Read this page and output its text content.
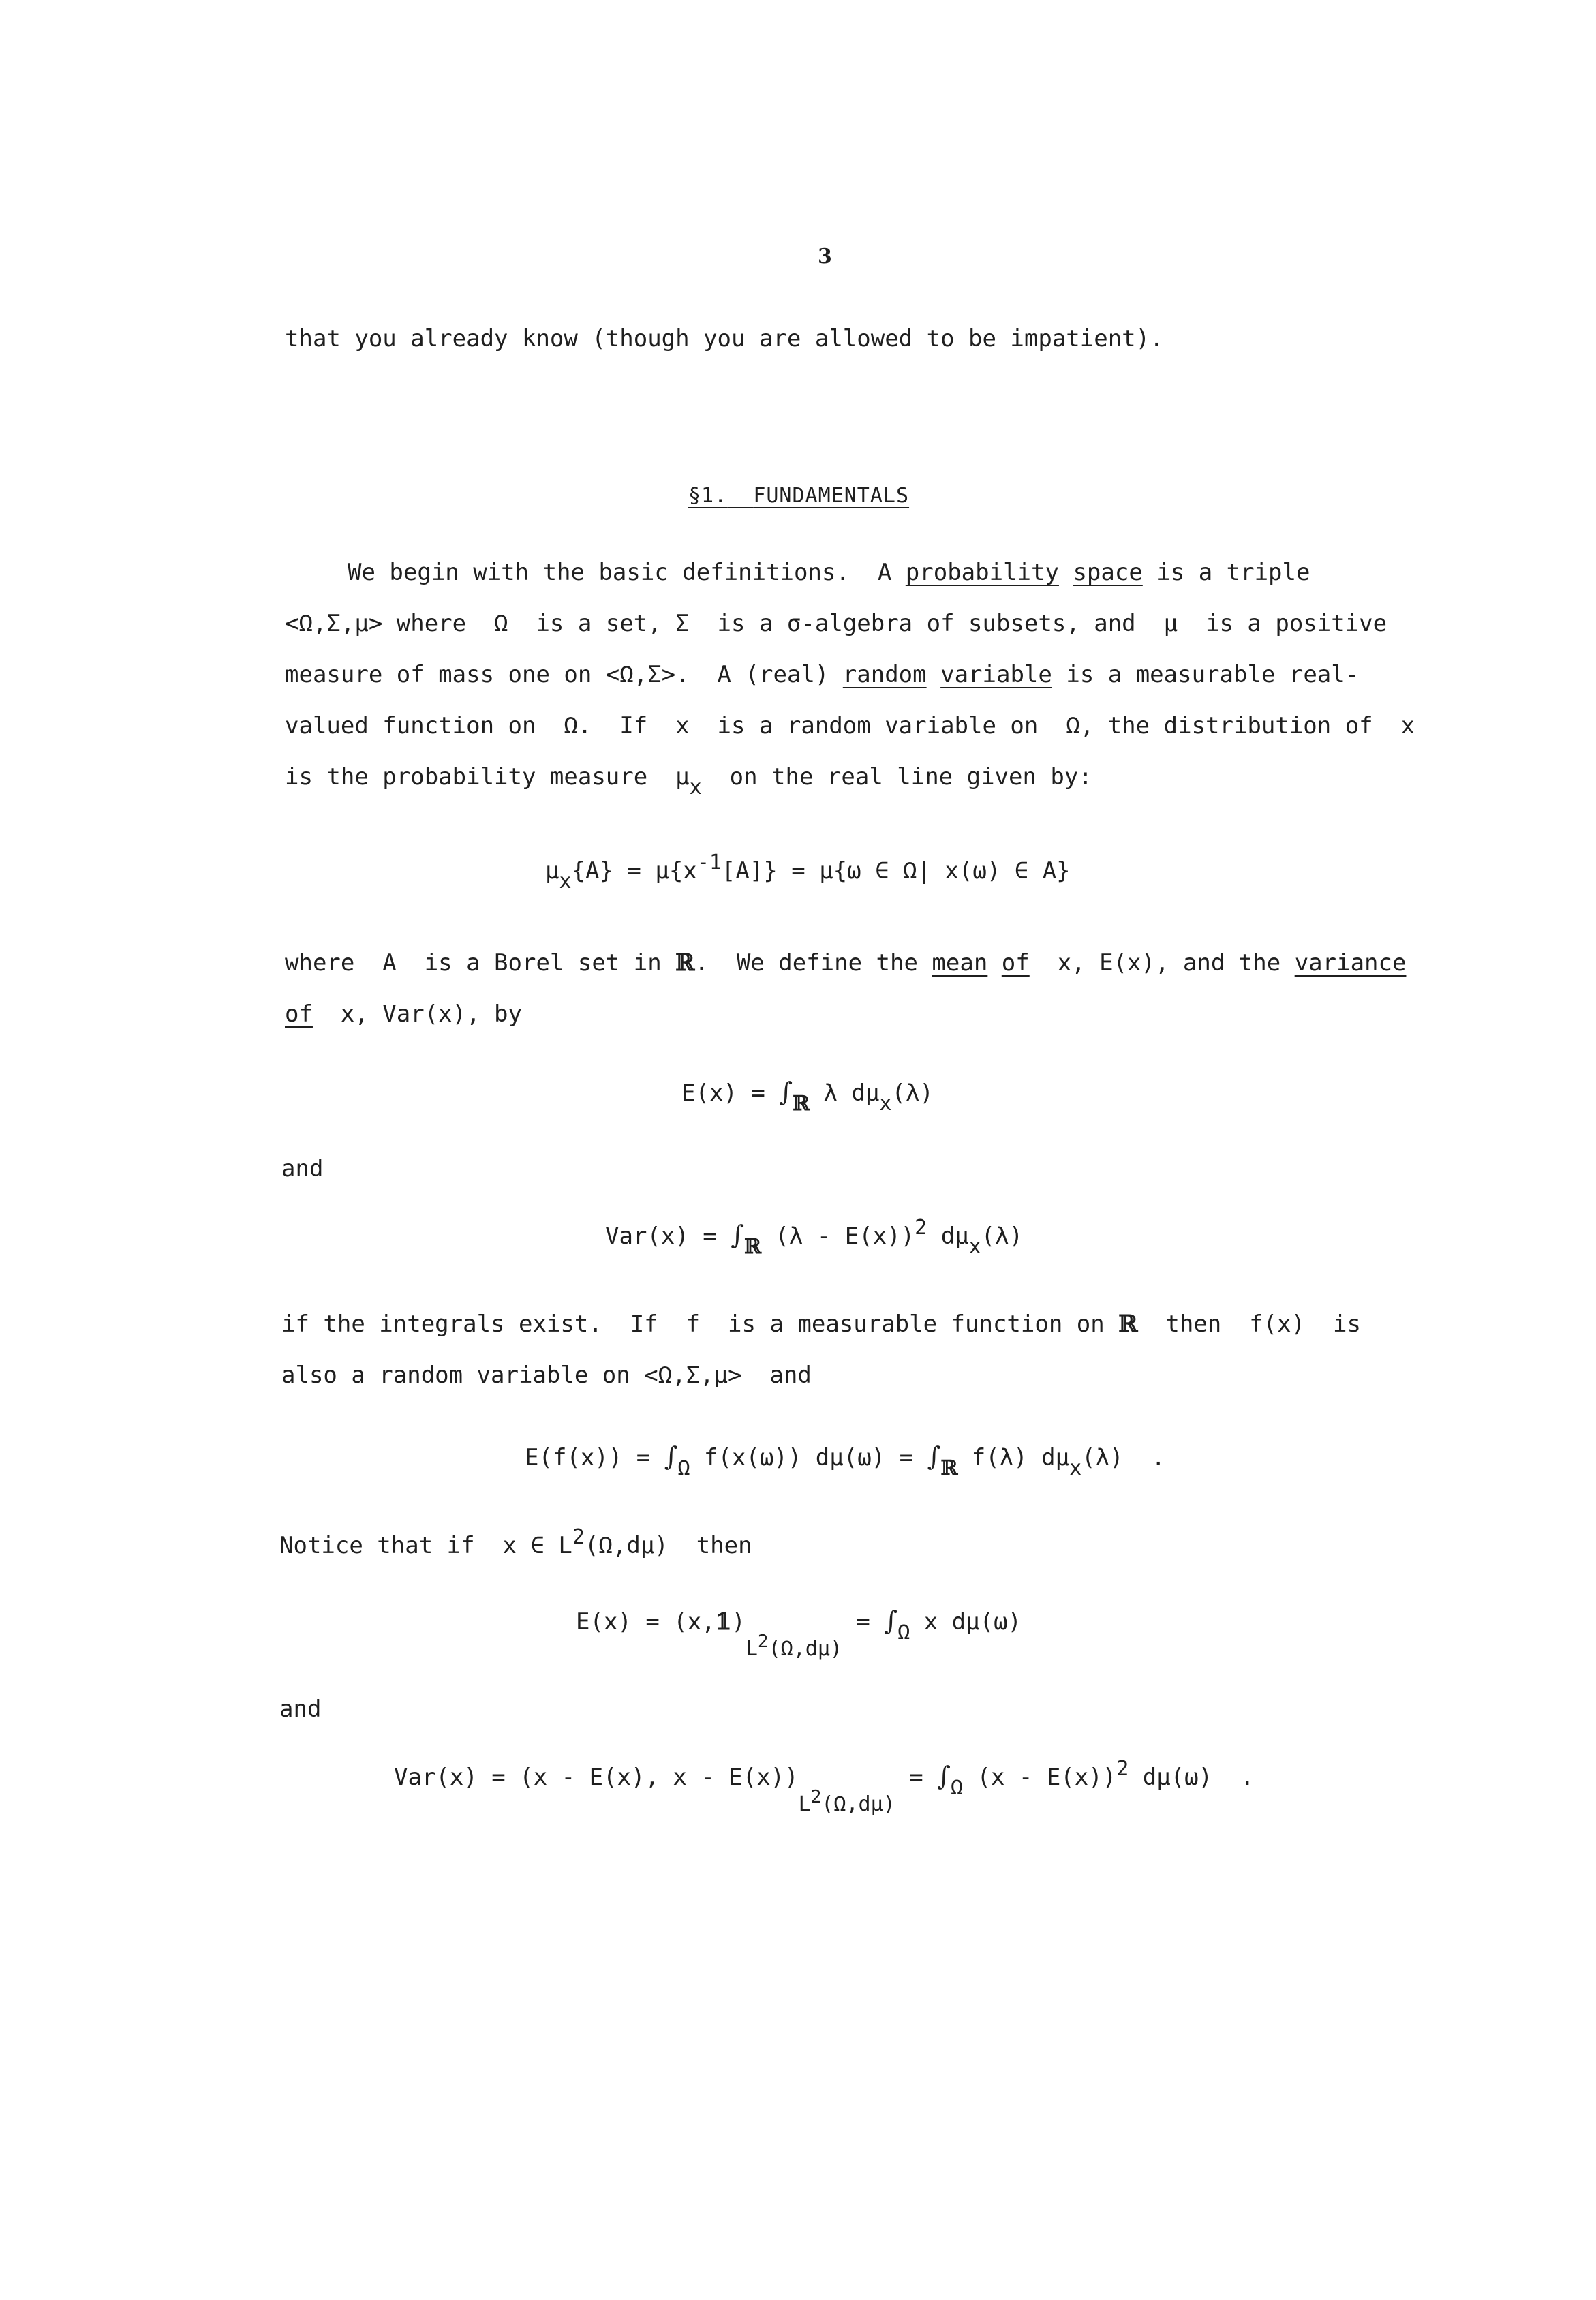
3
that you already know (though you are allowed to be impatient).
§1. FUNDAMENTALS
We begin with the basic definitions.  A probability space is a triple
<Ω,Σ,μ> where  Ω  is a set, Σ  is a σ-algebra of subsets, and  μ  is a positive
measure of mass one on <Ω,Σ>.  A (real) random variable is a measurable real-
valued function on  Ω.  If  x  is a random variable on  Ω, the distribution of  x
is the probability measure  $\mu_x$  on the real line given by:
$\mu_x\{A\} = \mu\{x^{-1}[A]\} = \mu\{\omega$ ∈ Ω| x(ω) ∈ A}
where  A  is a Borel set in ℝ.  We define the mean of  x, E(x), and the variance
of  x, Var(x), by
$E(x) = \int_ℝ$ λ $d\mu_x(\lambda)$
and
$Var(x) = \int_ℝ$ (λ - E(x))$^2$ $d\mu_x(\lambda)$
if the integrals exist.  If  f  is a measurable function on ℝ  then  f(x)  is
also a random variable on <Ω,Σ,μ>  and
$E(f(x)) = \int_\Omega$ f(x(ω)) $d\mu(\omega) = \int_ℝ$ f(λ) $d\mu_x(\lambda)$  .
Notice that if  x ∈ $L^2(\Omega,d\mu)$  then
$E(x) = (x,𝟙)_{L^2(\Omega,d\mu)} = \int_\Omega$ x dμ(ω)
and
Var(x) = (x - E(x), $x - E(x))_{L^2(\Omega,d\mu)} = \int_\Omega$ (x - E(x))$^2$ dμ(ω)  .
